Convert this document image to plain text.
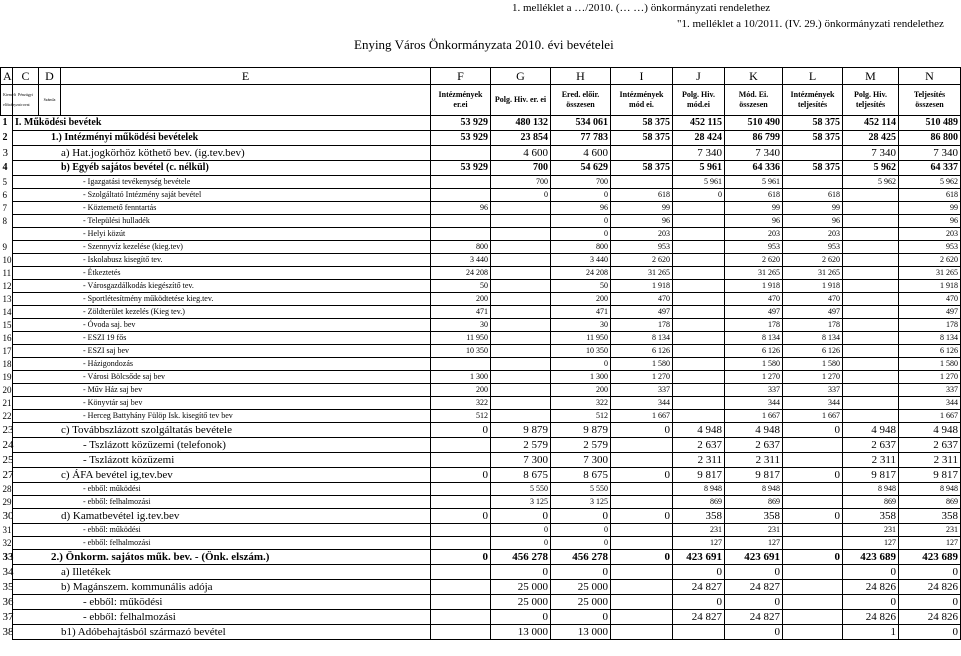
1. melléklet a …/2010. (… …) önkormányzati rendelethez
"1. melléklet a 10/2011. (IV. 29.) önkormányzati rendelethez
Enying Város Önkormányzata 2010. évi bevételei
A	C	D	E	F	G	H	I	J	K	L	M	N
Kiemelt előirányzat	Pénzügyi rovat	Számla		Intézmények er.ei	Polg. Hiv. er. ei	Ered. előir. összesen	Intézmények mód ei.	Polg. Hiv. mód.ei	Mód. Ei. összesen	Intézmények teljesítés	Polg. Hiv. teljesítés	Teljesítés összesen
1	I. Működési bevétek			53 929	480 132	534 061	58 375	452 115	510 490	58 375	452 114	510 489
2	1.) Intézményi működési bevételek			53 929	23 854	77 783	58 375	28 424	86 799	58 375	28 425	86 800
3	a) Hat.jogkörhöz köthető bev. (ig.tev.bev)				4 600	4 600		7 340	7 340		7 340	7 340
4	b) Egyéb sajátos bevétel (c. nélkül)			53 929	700	54 629	58 375	5 961	64 336	58 375	5 962	64 337
5	- Igazgatási tevékenység bevétele				700	700		5 961	5 961		5 962	5 962
6	- Szolgáltató Intézmény saját bevétel				0	0	618	0	618	618		618
7	- Köztemető fenntartás			96		96	99		99	99		99
8	- Települési hulladék					0	96		96	96		96
	- Helyi közút					0	203		203	203		203
9	- Szennyvíz kezelése (kieg.tev)			800		800	953		953	953		953
10	- Iskolabusz kisegítő tev.			3 440		3 440	2 620		2 620	2 620		2 620
11	- Étkeztetés			24 208		24 208	31 265		31 265	31 265		31 265
12	- Városgazdálkodás kiegészítő tev.			50		50	1 918		1 918	1 918		1 918
13	- Sportlétesítmény működtetése kieg.tev.			200		200	470		470	470		470
14	- Zöldterület kezelés (Kieg tev.)			471		471	497		497	497		497
15	- Óvoda saj. bev			30		30	178		178	178		178
16	- ESZI 19 fős			11 950		11 950	8 134		8 134	8 134		8 134
17	- ESZI saj bev			10 350		10 350	6 126		6 126	6 126		6 126
18	- Házigondozás					0	1 580		1 580	1 580		1 580
19	- Városi Bölcsőde saj bev			1 300		1 300	1 270		1 270	1 270		1 270
20	- Műv Ház saj bev			200		200	337		337	337		337
21	- Könyvtár saj bev			322		322	344		344	344		344
22	- Herceg Battyhány Fülöp Isk. kisegítő tev bev			512		512	1 667		1 667	1 667		1 667
23	c) Továbbszlázott szolgáltatás bevétele			0	9 879	9 879	0	4 948	4 948	0	4 948	4 948
24	- Tszlázott közüzemi (telefonok)				2 579	2 579		2 637	2 637		2 637	2 637
25	- Tszlázott közüzemi				7 300	7 300		2 311	2 311		2 311	2 311
27	c) ÁFA bevétel ig,tev.bev			0	8 675	8 675	0	9 817	9 817	0	9 817	9 817
28	- ebből: működési				5 550	5 550		8 948	8 948		8 948	8 948
29	- ebből: felhalmozási				3 125	3 125		869	869		869	869
30	d) Kamatbevétel ig.tev.bev			0	0	0	0	358	358	0	358	358
31	- ebből: működési				0	0		231	231		231	231
32	- ebből: felhalmozási				0	0		127	127		127	127
33	2.) Önkorm. sajátos műk. bev. - (Önk. elszám.)			0	456 278	456 278	0	423 691	423 691	0	423 689	423 689
34	a) Illetékek				0	0		0	0		0	0
35	b) Magánszem. kommunális adója				25 000	25 000		24 827	24 827		24 826	24 826
36	- ebből: működési				25 000	25 000		0	0		0	0
37	- ebből: felhalmozási				0	0		24 827	24 827		24 826	24 826
38	b1) Adóbehajtásból származó bevétel				13 000	13 000			0		1	0
